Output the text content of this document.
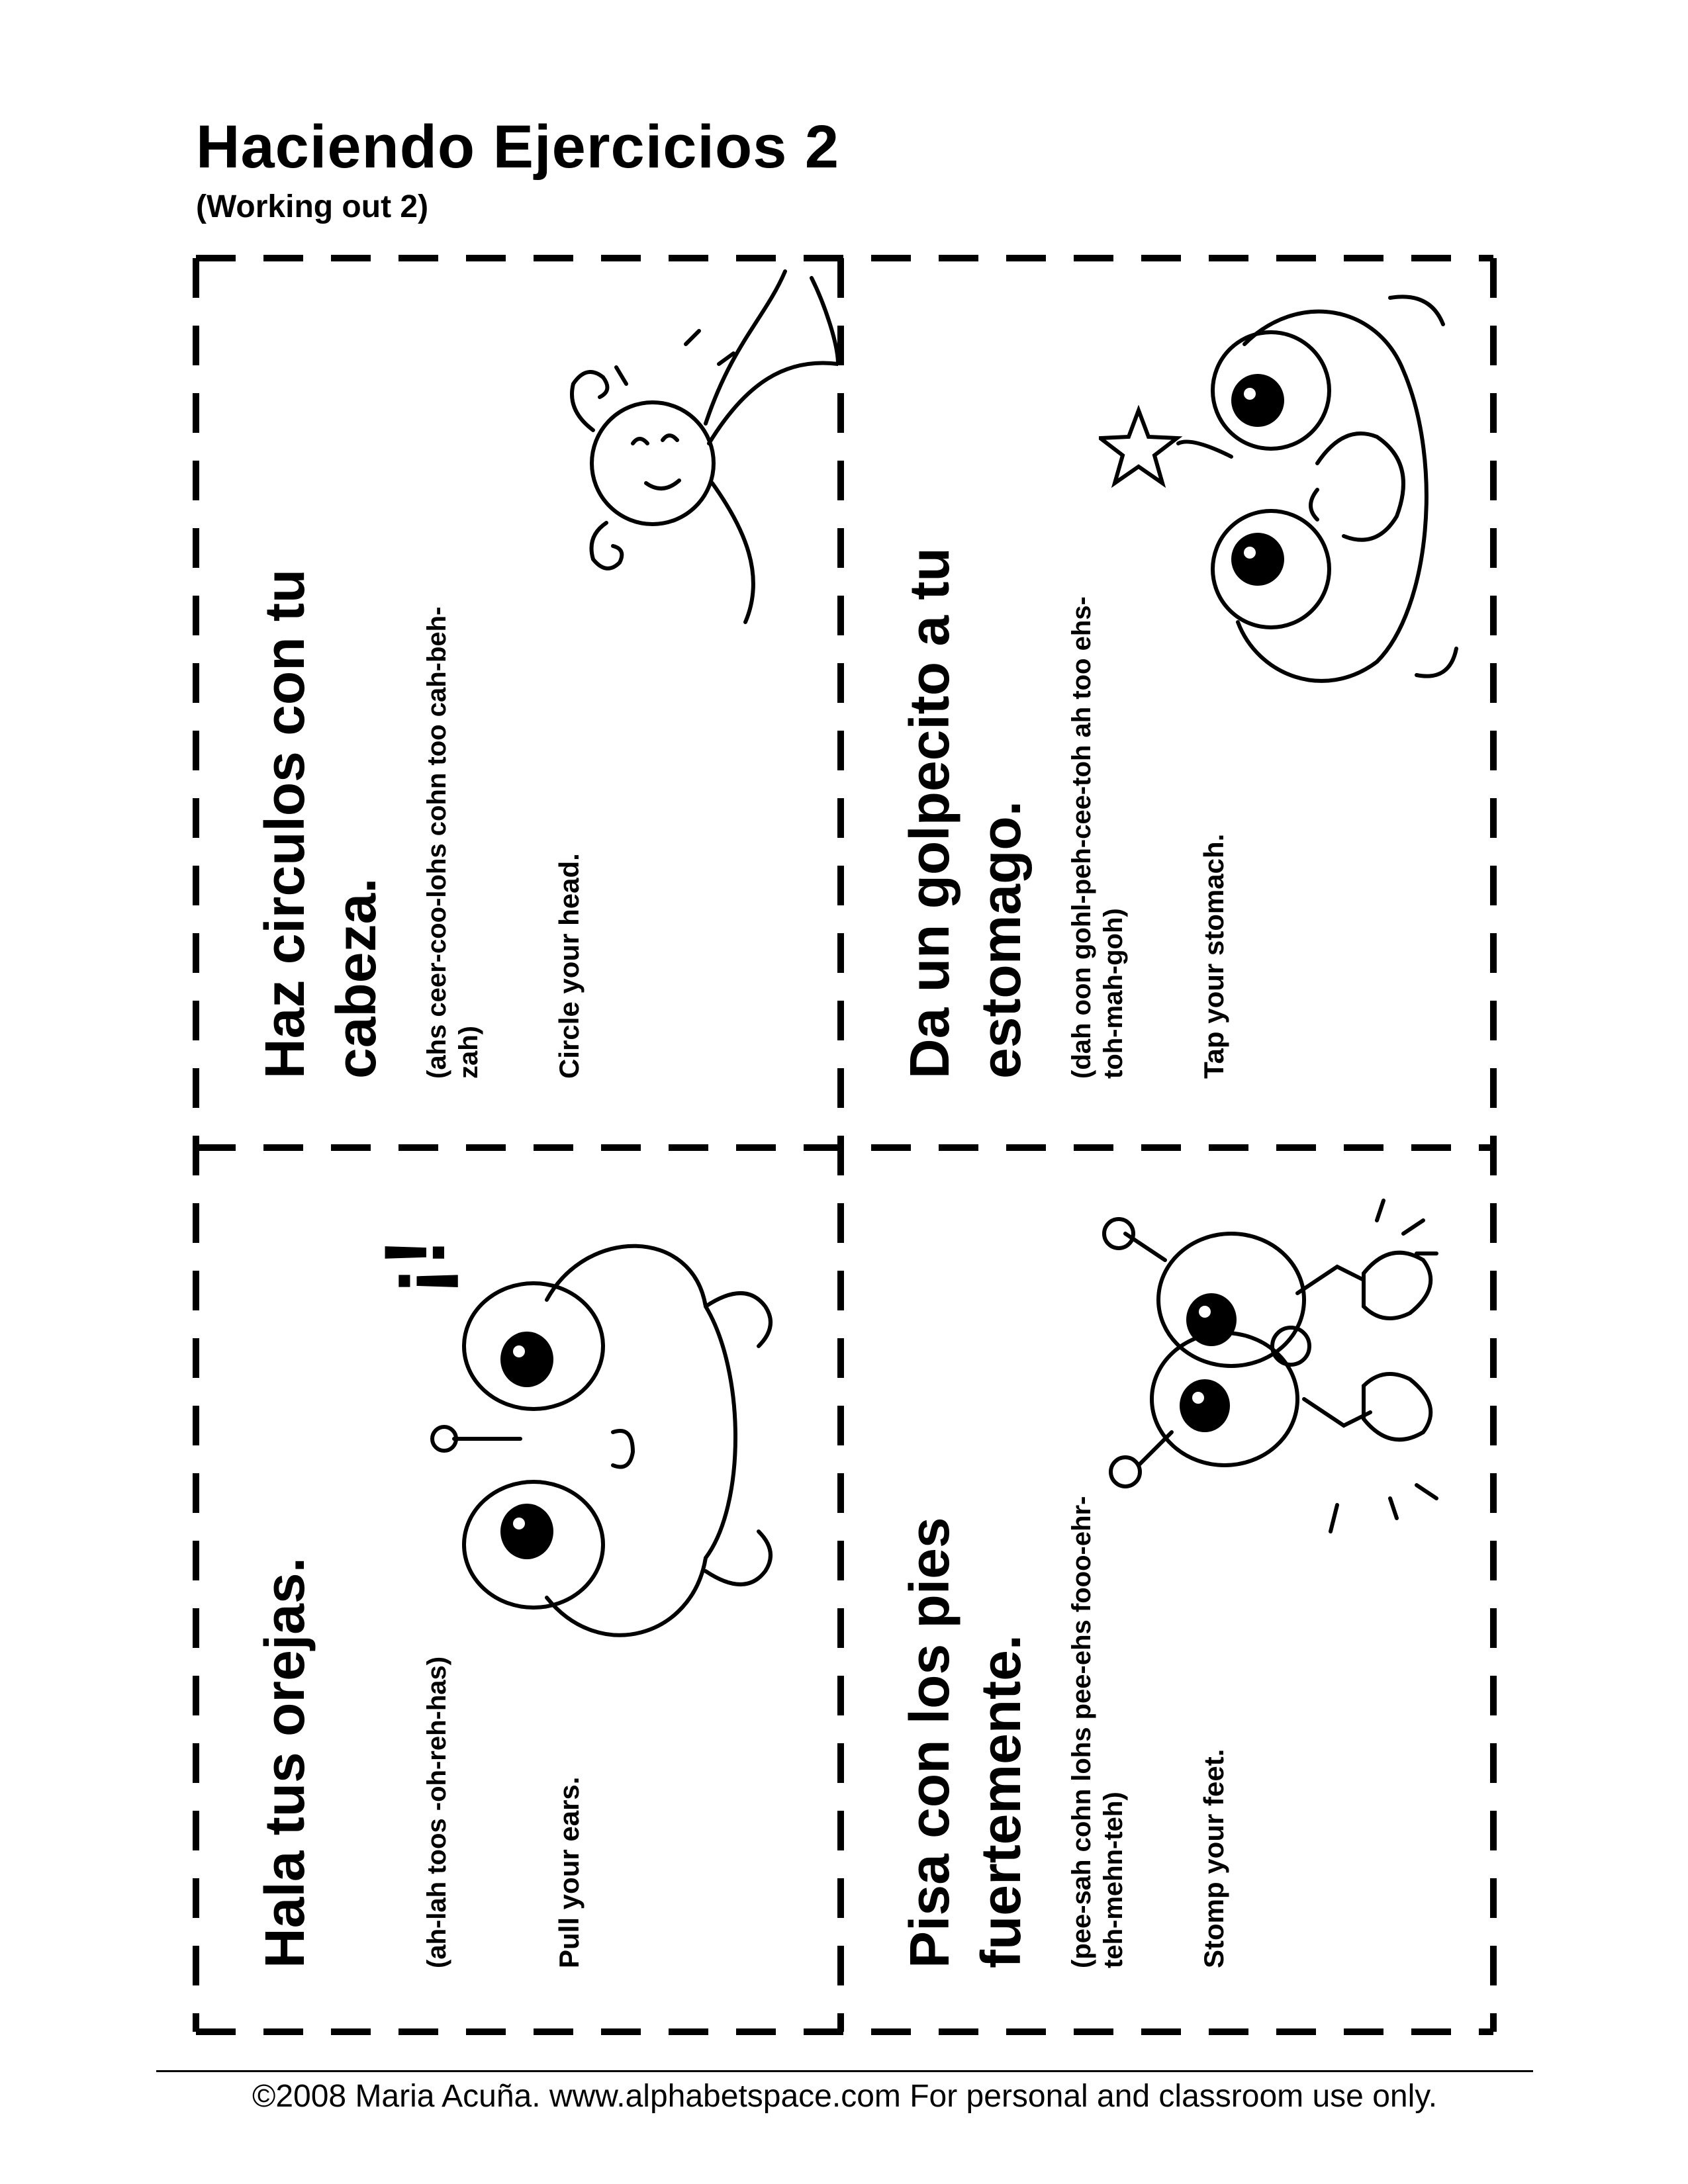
Haciendo Ejercicios 2
(Working out 2)
Haz circulos con tu cabeza. (ahs ceer-coo-lohs cohn too cah-beh-zah)	Circle your head.	Da un golpecito a tu estomago. (dah oon gohl-peh-cee-toh ah too ehs-toh-mah-goh)	Tap your stomach.
Hala tus orejas.	(ah-lah toos -oh-reh-has)	Pull your ears.
¡!
Pisa con los pies fuertemente. (pee-sah cohn lohs pee-ehs fooo-ehr-teh-mehn-teh)	Stomp your feet.
©2008 Maria Acuña. www.alphabetspace.com For personal and classroom use only.
